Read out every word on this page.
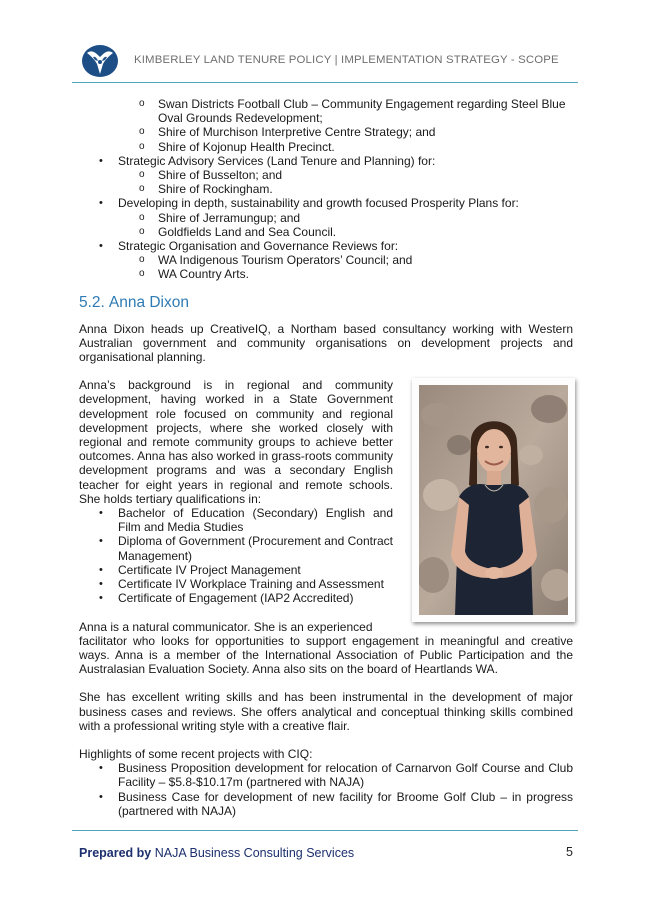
KIMBERLEY LAND TENURE POLICY | IMPLEMENTATION STRATEGY - SCOPE
o Swan Districts Football Club – Community Engagement regarding Steel Blue
Oval Grounds Redevelopment;
o Shire of Murchison Interpretive Centre Strategy; and
o Shire of Kojonup Health Precinct.
• Strategic Advisory Services (Land Tenure and Planning) for:
o Shire of Busselton; and
o Shire of Rockingham.
• Developing in depth, sustainability and growth focused Prosperity Plans for:
o Shire of Jerramungup; and
o Goldfields Land and Sea Council.
• Strategic Organisation and Governance Reviews for:
o WA Indigenous Tourism Operators’ Council; and
o WA Country Arts.
5.2. Anna Dixon

Anna Dixon heads up CreativeIQ, a Northam based consultancy working with Western Australian government and community organisations on development projects and organisational planning.

Anna’s background is in regional and community development, having worked in a State Government development role focused on community and regional development projects, where she worked closely with regional and remote community groups to achieve better outcomes. Anna has also worked in grass-roots community development programs and was a secondary English teacher for eight years in regional and remote schools. She holds tertiary qualifications in:

• Bachelor of Education (Secondary) English and Film and Media Studies
• Diploma of Government (Procurement and Contract Management)
• Certificate IV Project Management
• Certificate IV Workplace Training and Assessment
• Certificate of Engagement (IAP2 Accredited)

Anna is a natural communicator. She is an experienced

facilitator who looks for opportunities to support engagement in meaningful and creative ways. Anna is a member of the International Association of Public Participation and the Australasian Evaluation Society. Anna also sits on the board of Heartlands WA.

She has excellent writing skills and has been instrumental in the development of major business cases and reviews. She offers analytical and conceptual thinking skills combined with a professional writing style with a creative flair.

Highlights of some recent projects with CIQ:

• Business Proposition development for relocation of Carnarvon Golf Course and Club Facility – $5.8-$10.17m (partnered with NAJA)
• Business Case for development of new facility for Broome Golf Club – in progress (partnered with NAJA)
Prepared by NAJA Business Consulting Services	5
